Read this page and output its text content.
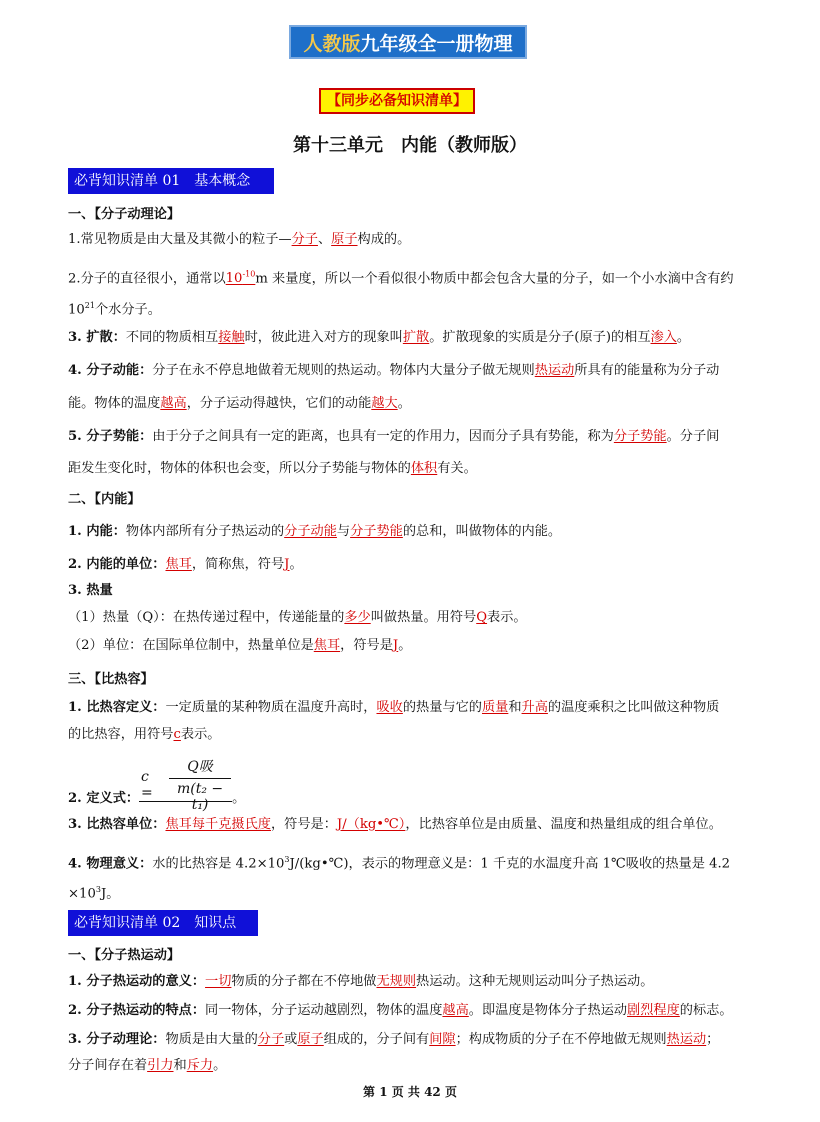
人教版九年级全一册物理
【同步必备知识清单】
第十三单元　内能（教师版）
必背知识清单 01　基本概念
一、【分子动理论】
1.常见物质是由大量及其微小的粒子—分子、原子构成的。
2.分子的直径很小，通常以$10^{-10}m$ 来量度，所以一个看似很小物质中都会包含大量的分子，如一个小水滴中含有约
$10^{21}$个水分子。
3. 扩散：不同的物质相互接触时，彼此进入对方的现象叫扩散。扩散现象的实质是分子(原子)的相互渗入。
4. 分子动能：分子在永不停息地做着无规则的热运动。物体内大量分子做无规则热运动所具有的能量称为分子动
能。物体的温度越高，分子运动得越快，它们的动能越大。
5. 分子势能：由于分子之间具有一定的距离，也具有一定的作用力，因而分子具有势能，称为分子势能。分子间
距发生变化时，物体的体积也会变，所以分子势能与物体的体积有关。
二、【内能】
1. 内能：物体内部所有分子热运动的分子动能与分子势能的总和，叫做物体的内能。
2. 内能的单位：焦耳，简称焦，符号J。
3. 热量
（1）热量（Q）：在热传递过程中，传递能量的多少叫做热量。用符号Q表示。
（2）单位：在国际单位制中，热量单位是焦耳，符号是J。
三、【比热容】
1. 比热容定义：一定质量的某种物质在温度升高时，吸收的热量与它的质量和升高的温度乘积之比叫做这种物质
的比热容，用符号c表示。
c =	$\frac{\text{Q吸}}{\text{m(t₂ − t₁)}}$
2. 定义式：	。
3. 比热容单位：焦耳每千克摄氏度，符号是：J/（kg•℃），比热容单位是由质量、温度和热量组成的组合单位。
4. 物理意义：水的比热容是 $4.2\times 10^3J/(kg•℃)$，表示的物理意义是：1 千克的水温度升高 1℃吸收的热量是 4.2
$\times 10^3J$。
必背知识清单 02　知识点
一、【分子热运动】
1. 分子热运动的意义：一切物质的分子都在不停地做无规则热运动。这种无规则运动叫分子热运动。
2. 分子热运动的特点：同一物体，分子运动越剧烈，物体的温度越高。即温度是物体分子热运动剧烈程度的标志。
3. 分子动理论：物质是由大量的分子或原子组成的，分子间有间隙；构成物质的分子在不停地做无规则热运动；
分子间存在着引力和斥力。
第 1 页 共 42 页
